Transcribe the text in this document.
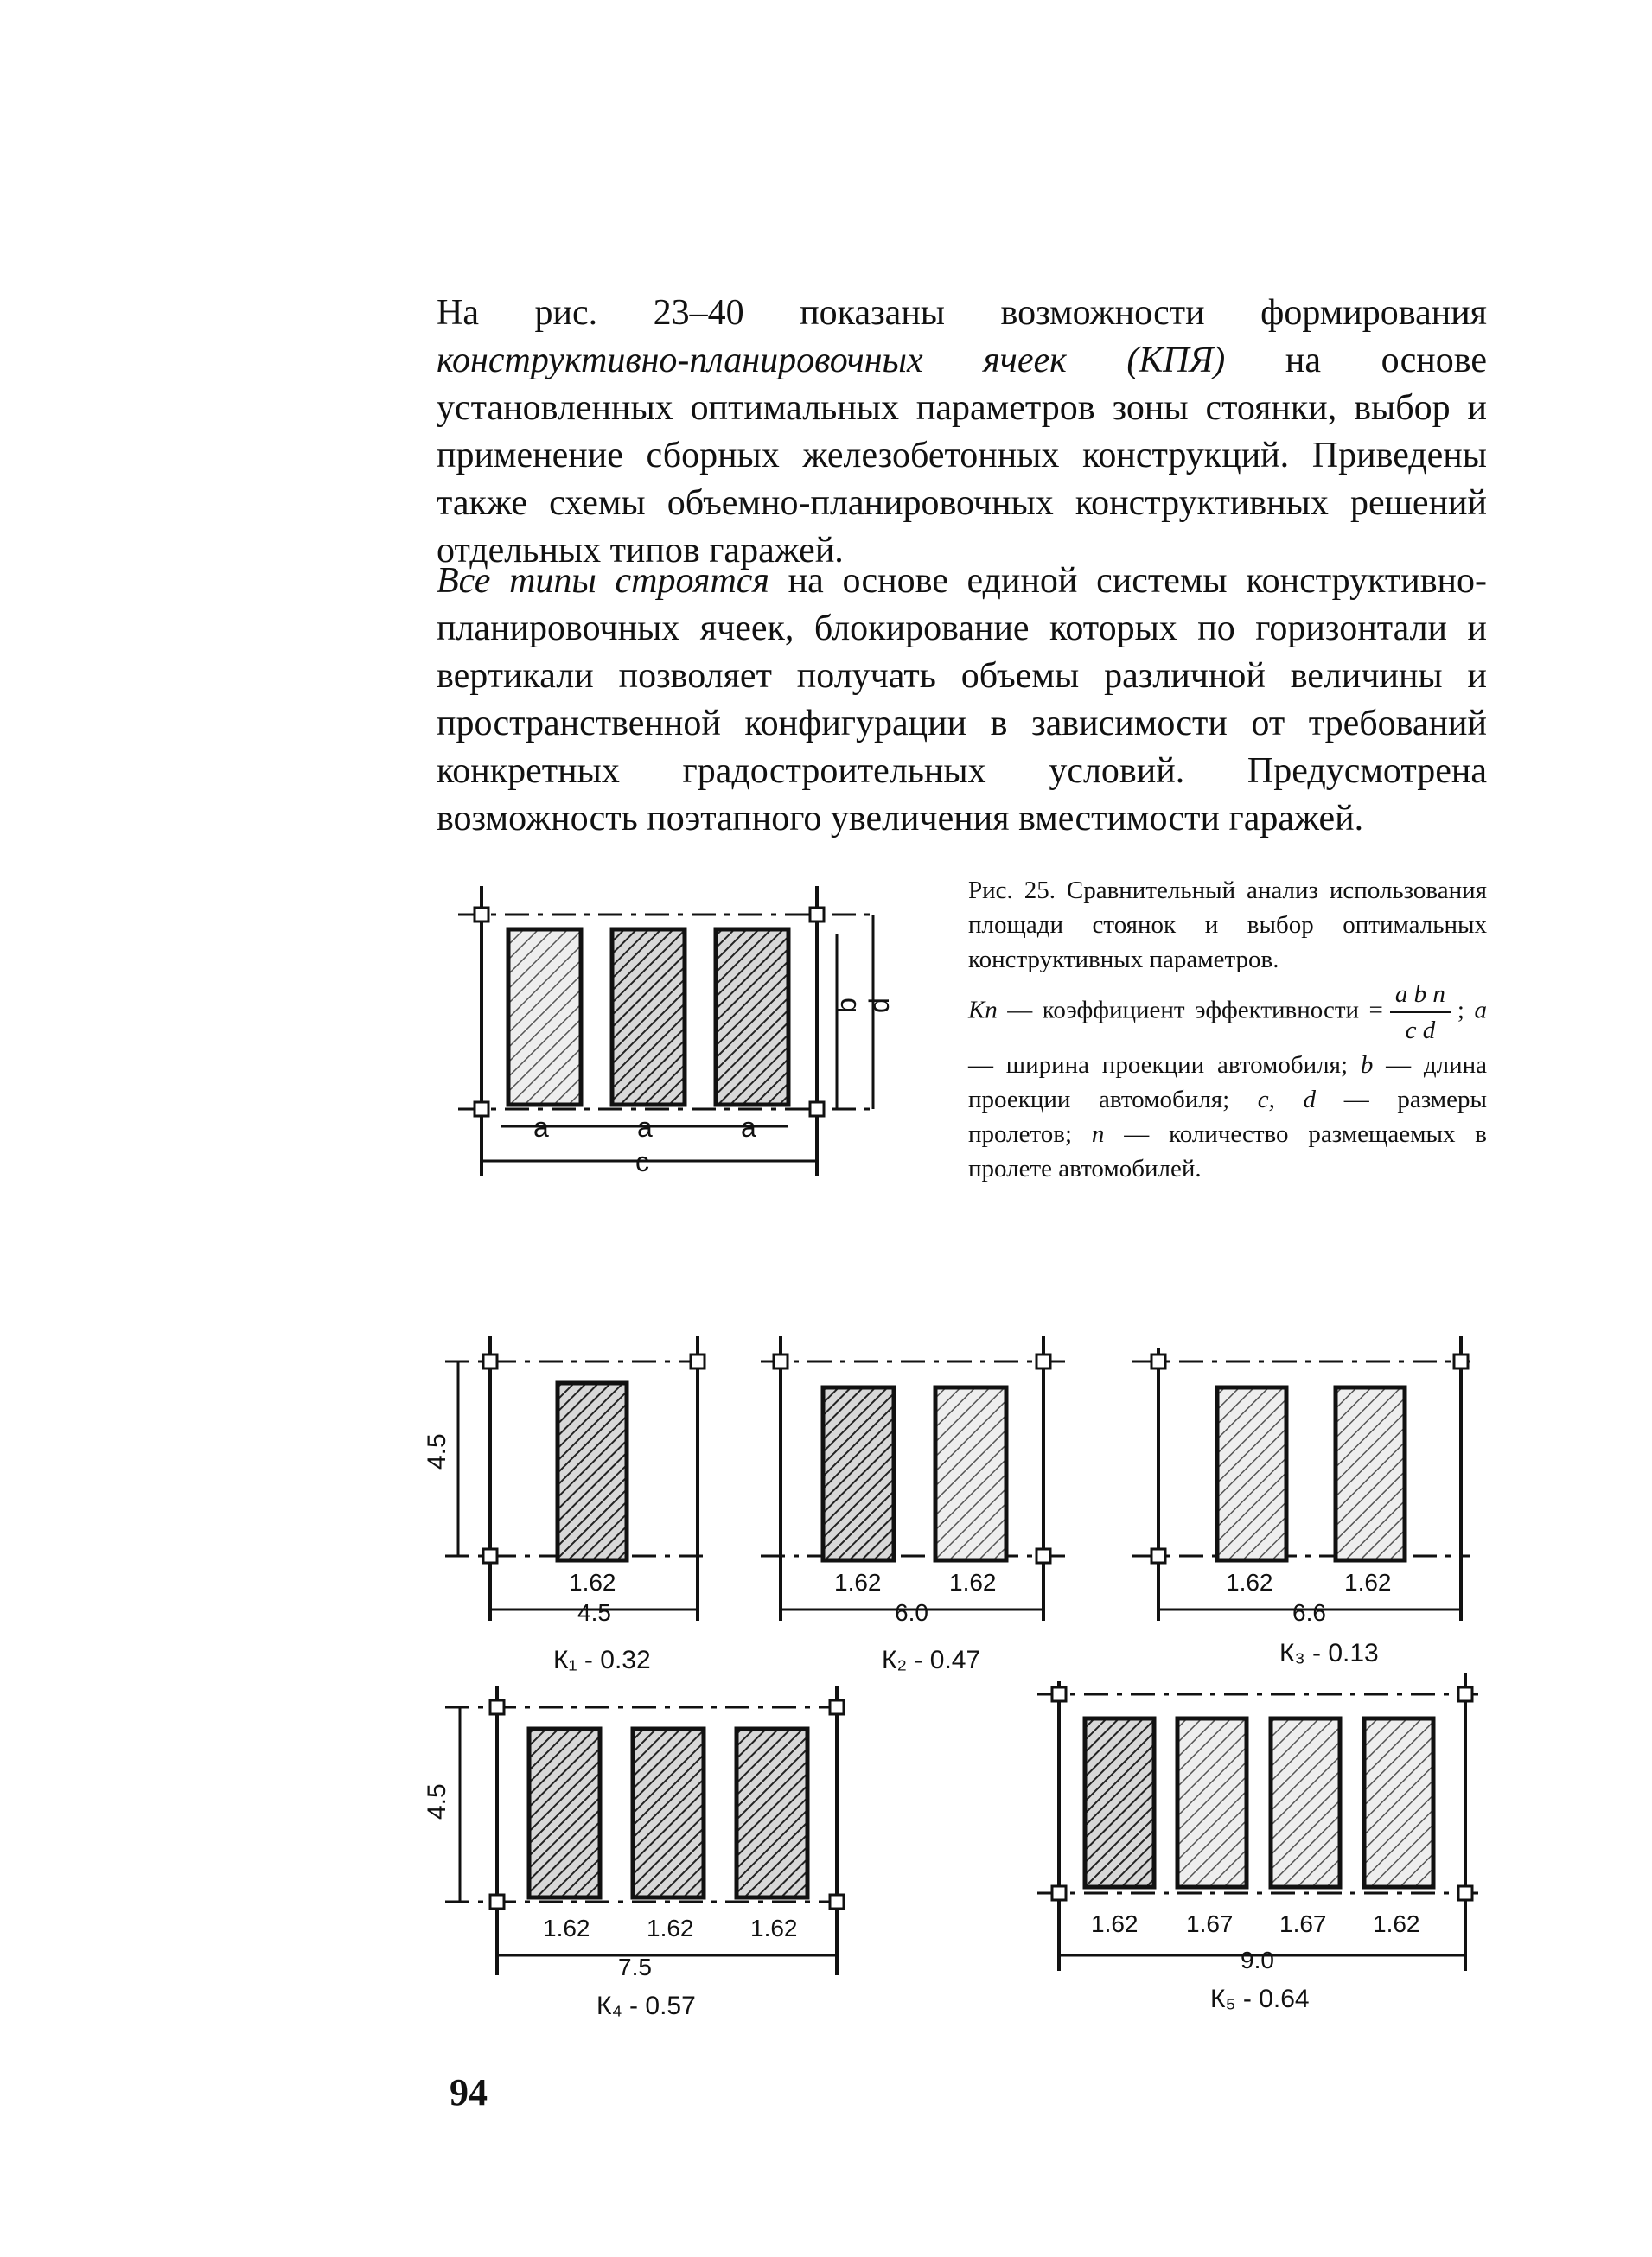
На рис. 23–40 показаны возможности формирования конструктивно-планировочных ячеек (КПЯ) на основе установленных оптимальных параметров зоны стоянки, выбор и применение сборных железобетонных конструкций. Приведены также схемы объемно-планировочных конструктивных решений отдельных типов гаражей.

Все типы строятся на основе единой системы конструктивно-планировочных ячеек, блокирование которых по горизонтали и вертикали позволяет получать объемы различной величины и пространственной конфигурации в зависимости от требований конкретных градостроительных условий. Предусмотрена возможность поэтапного увеличения вместимости гаражей.

Рис. 25. Сравнительный анализ использования площади стоянок и выбор оптимальных конструктивных параметров.
Кп — коэффициент эффективности = $\frac{\text{a b n}}{\text{c d}}$ ; a — ширина проекции автомобиля; b — длина проекции автомобиля; c, d — размеры пролетов; n — количество размещаемых в пролете автомобилей.

a	a	a
c
b d
4.5
1.62
4.5
К₁ - 0.32
1.62	1.62
6.0
К₂ - 0.47
1.62	1.62
6.6
К₃ - 0.13
4.5
1.62 1.62 1.62
7.5
К₄ - 0.57
1.62 1.67 1.67 1.62
9.0
К₅ - 0.64
94
